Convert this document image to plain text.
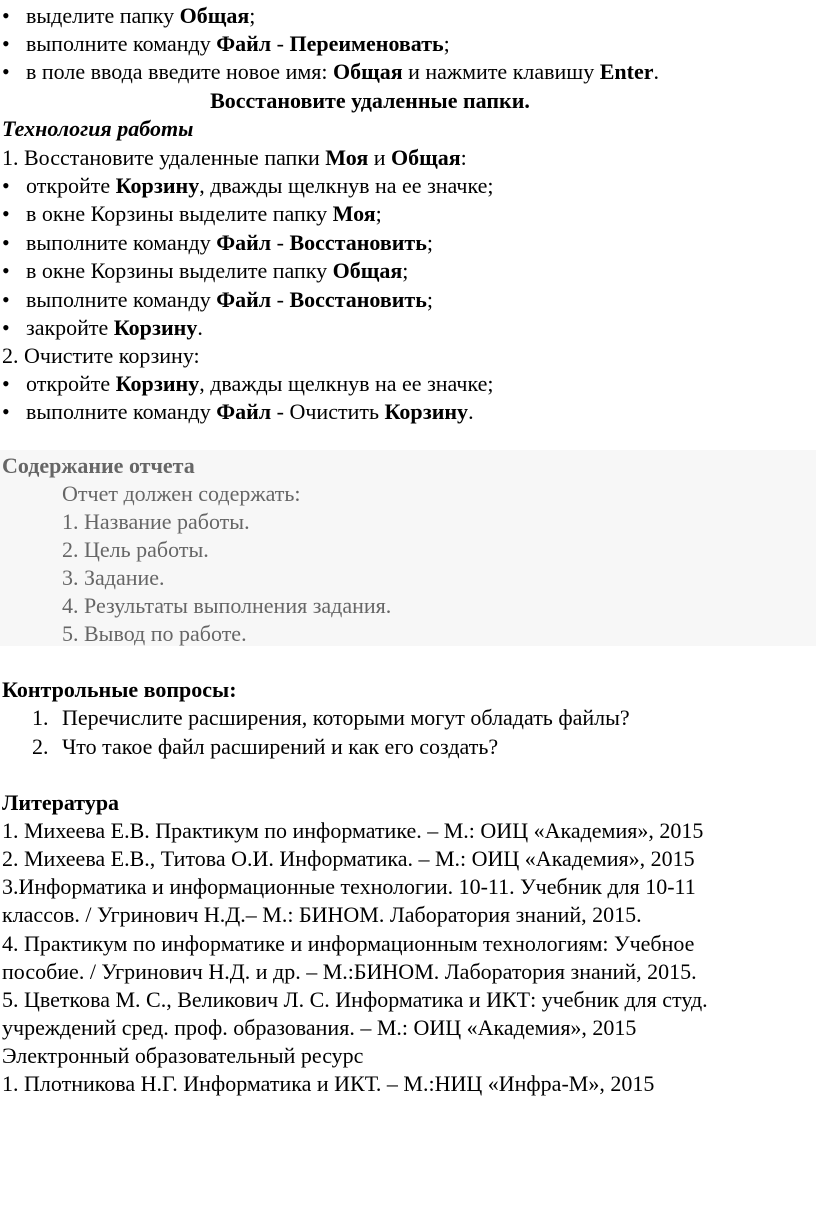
• выделите папку Общая;
• выполните команду Файл - Переименовать;
• в поле ввода введите новое имя: Общая и нажмите клавишу Enter.
Восстановите удаленные папки.
Технология работы
1. Восстановите удаленные папки Моя и Общая:
• откройте Корзину, дважды щелкнув на ее значке;
• в окне Корзины выделите папку Моя;
• выполните команду Файл - Восстановить;
• в окне Корзины выделите папку Общая;
• выполните команду Файл - Восстановить;
• закройте Корзину.
2. Очистите корзину:
• откройте Корзину, дважды щелкнув на ее значке;
• выполните команду Файл - Очистить Корзину.
Содержание отчета
Отчет должен содержать:
1. Название работы.
2. Цель работы.
3. Задание.
4. Результаты выполнения задания.
5. Вывод по работе.
Контрольные вопросы:
1. Перечислите расширения, которыми могут обладать файлы?
2. Что такое файл расширений и как его создать?
Литература
1. Михеева Е.В. Практикум по информатике. – М.: ОИЦ «Академия», 2015
2. Михеева Е.В., Титова О.И. Информатика. – М.: ОИЦ «Академия», 2015
3.Информатика и информационные технологии. 10-11. Учебник для 10-11
классов. / Угринович Н.Д.– М.: БИНОМ. Лаборатория знаний, 2015.
4. Практикум по информатике и информационным технологиям: Учебное
пособие. / Угринович Н.Д. и др. – М.:БИНОМ. Лаборатория знаний, 2015.
5. Цветкова М. С., Великович Л. С. Информатика и ИКТ: учебник для студ.
учреждений сред. проф. образования. – М.: ОИЦ «Академия», 2015
Электронный образовательный ресурс
1. Плотникова Н.Г. Информатика и ИКТ. – М.:НИЦ «Инфра-М», 2015
